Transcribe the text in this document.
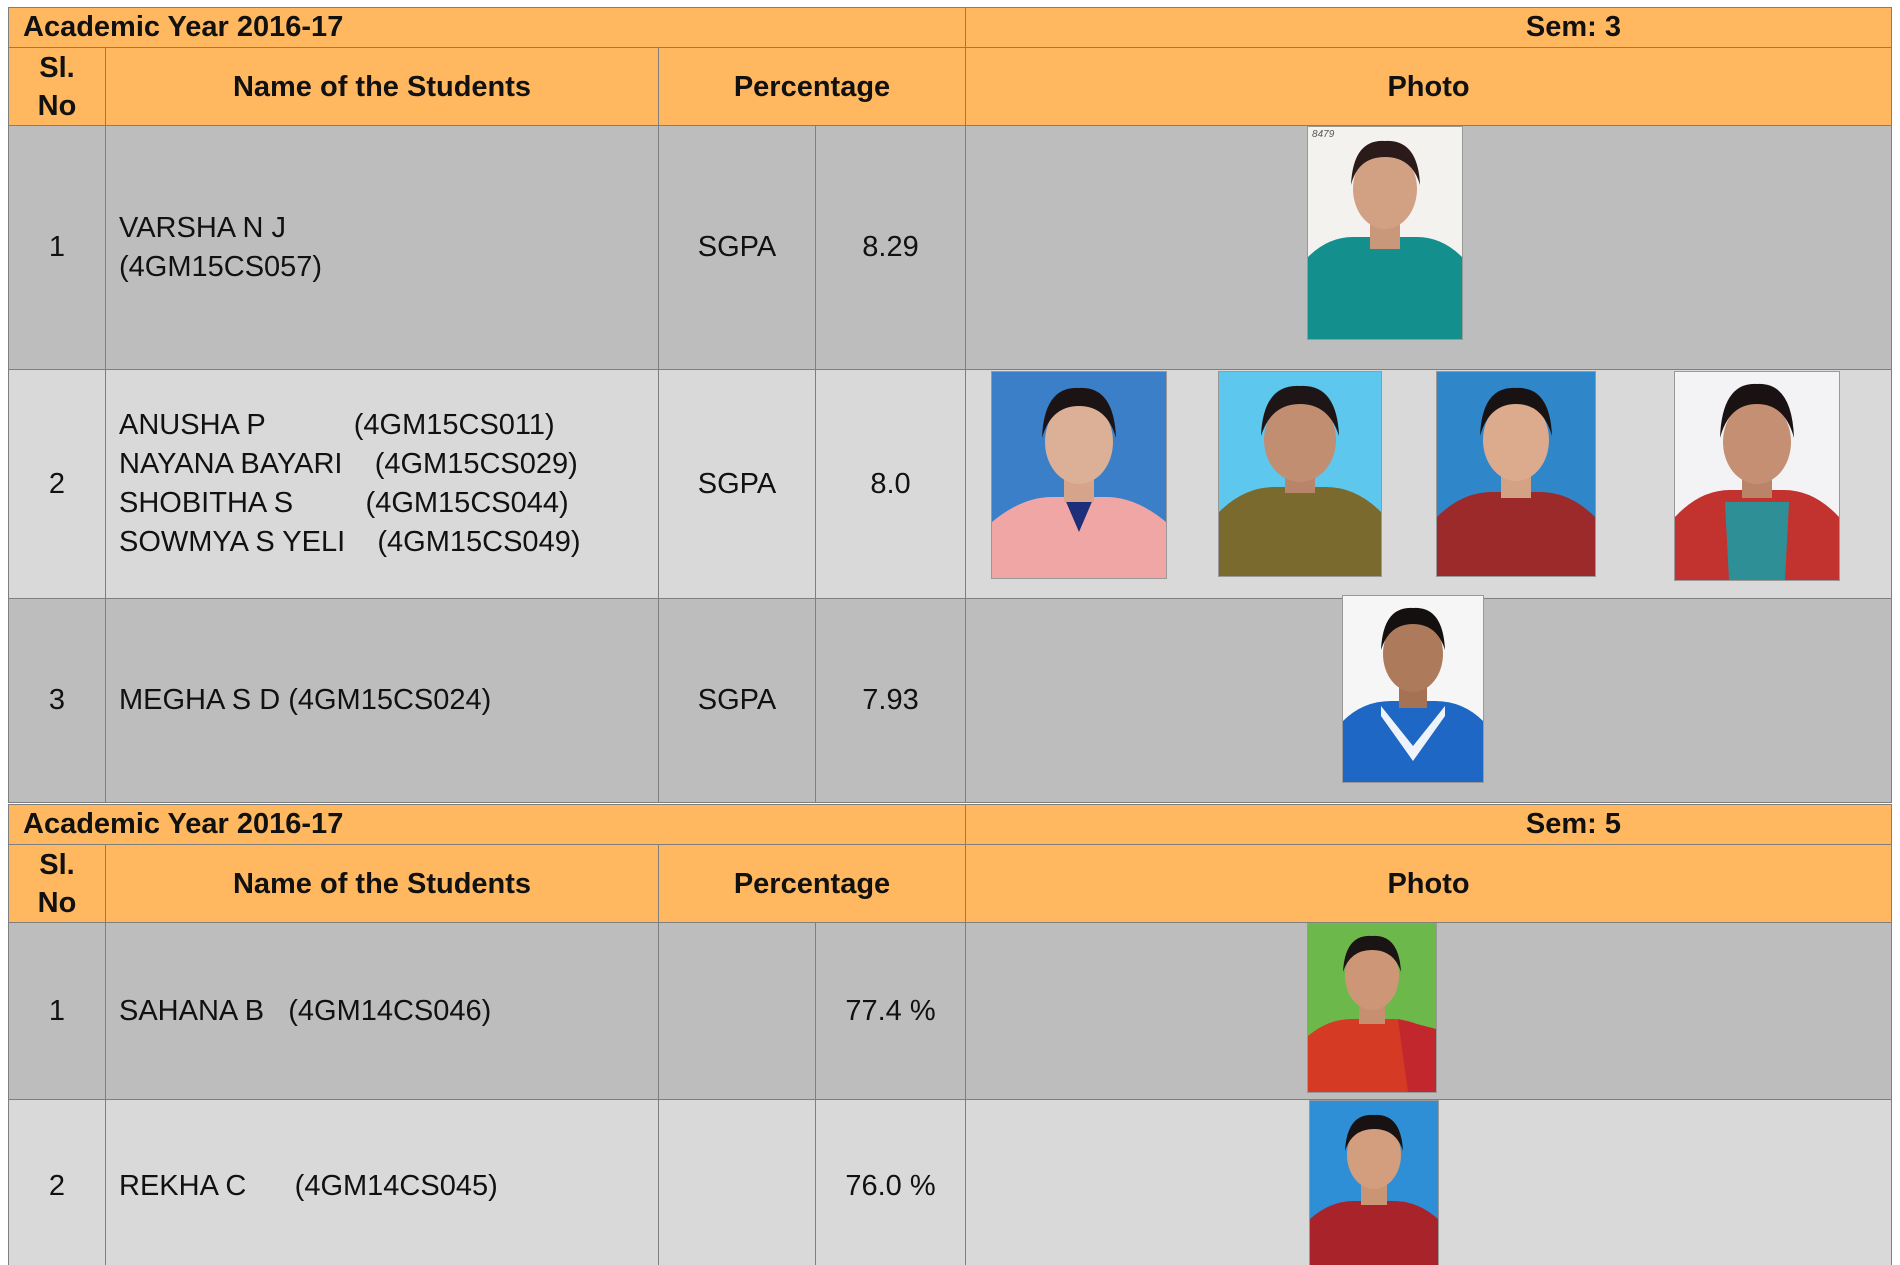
Academic Year 2016-17				Sem: 3
Sl.
No	Name of the Students	Percentage		Photo
1	VARSHA N J
(4GM15CS057)	SGPA	8.29	8479

2	ANUSHA P           (4GM15CS011)
NAYANA BAYARI    (4GM15CS029)
SHOBITHA S         (4GM15CS044)
SOWMYA S YELI    (4GM15CS049)	SGPA	8.0	

3	MEGHA S D (4GM15CS024)	SGPA	7.93	
Academic Year 2016-17				Sem: 5
Sl.
No	Name of the Students	Percentage		Photo
1	SAHANA B   (4GM14CS046)		77.4 %	

2	REKHA C      (4GM14CS045)		76.0 %	
